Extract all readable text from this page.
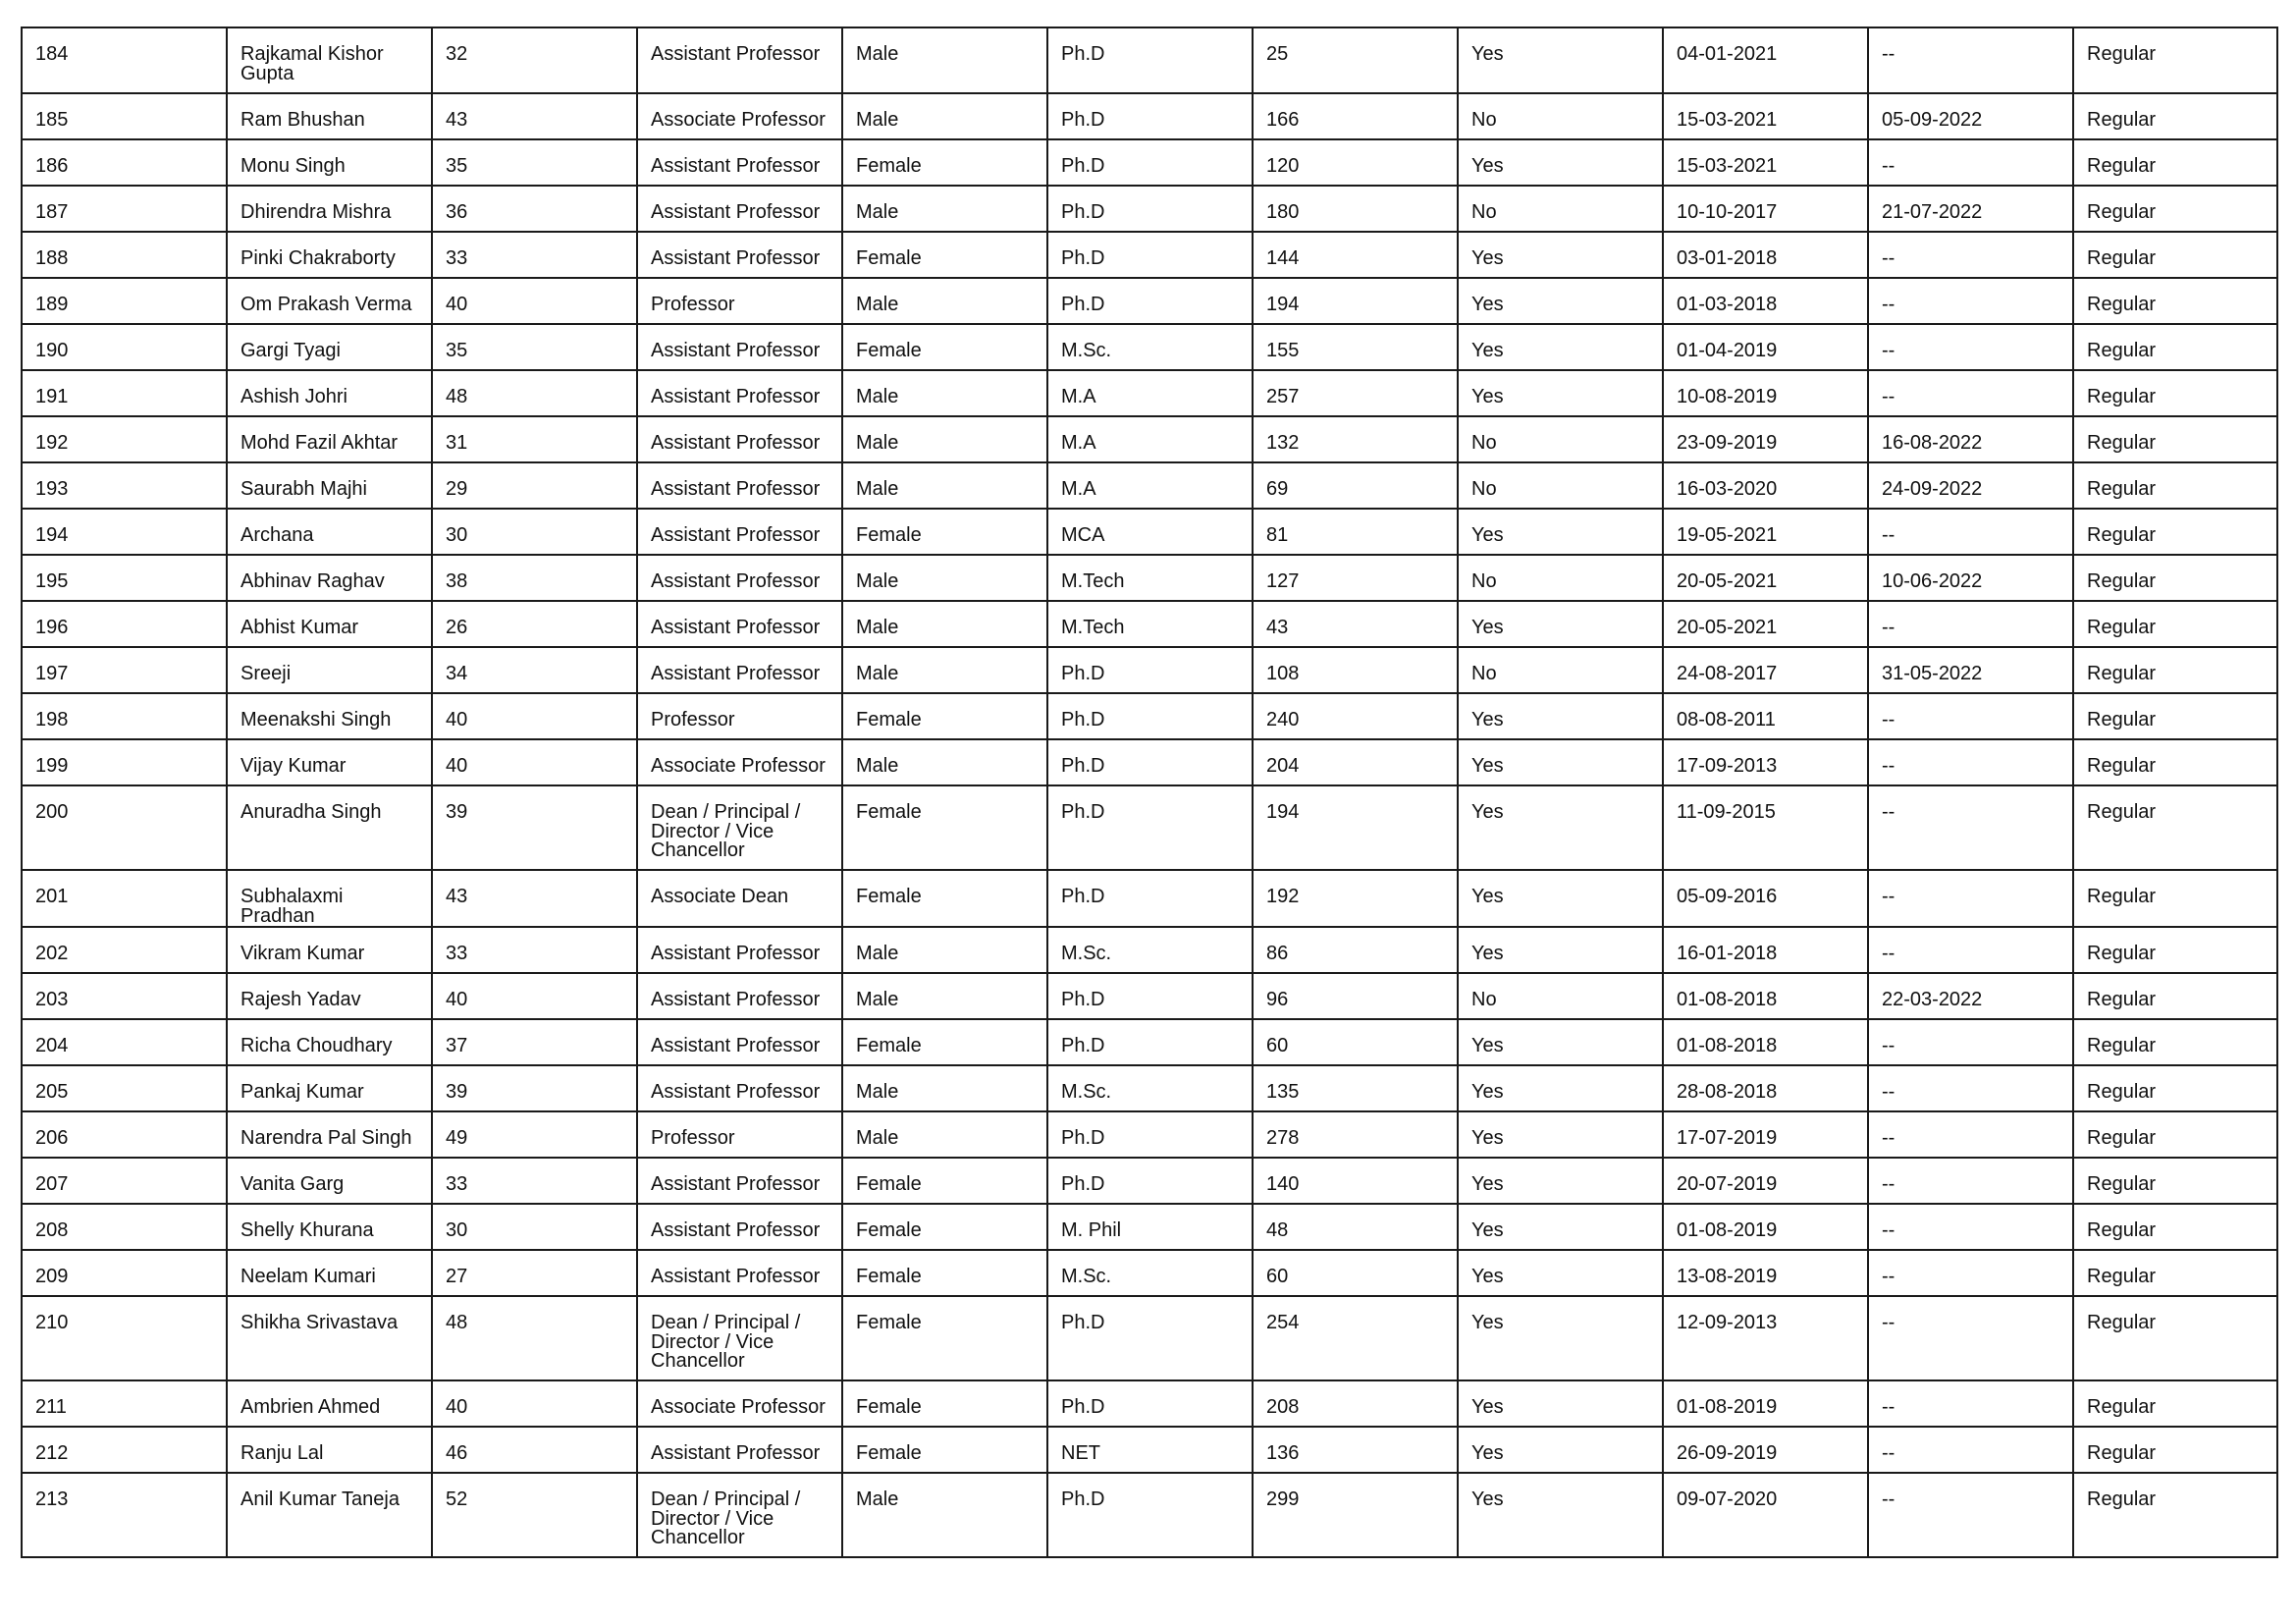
184	Rajkamal Kishor Gupta	32	Assistant Professor	Male	Ph.D	25	Yes	04-01-2021	--	Regular
185	Ram Bhushan	43	Associate Professor	Male	Ph.D	166	No	15-03-2021	05-09-2022	Regular
186	Monu Singh	35	Assistant Professor	Female	Ph.D	120	Yes	15-03-2021	--	Regular
187	Dhirendra Mishra	36	Assistant Professor	Male	Ph.D	180	No	10-10-2017	21-07-2022	Regular
188	Pinki Chakraborty	33	Assistant Professor	Female	Ph.D	144	Yes	03-01-2018	--	Regular
189	Om Prakash Verma	40	Professor	Male	Ph.D	194	Yes	01-03-2018	--	Regular
190	Gargi Tyagi	35	Assistant Professor	Female	M.Sc.	155	Yes	01-04-2019	--	Regular
191	Ashish Johri	48	Assistant Professor	Male	M.A	257	Yes	10-08-2019	--	Regular
192	Mohd Fazil Akhtar	31	Assistant Professor	Male	M.A	132	No	23-09-2019	16-08-2022	Regular
193	Saurabh Majhi	29	Assistant Professor	Male	M.A	69	No	16-03-2020	24-09-2022	Regular
194	Archana	30	Assistant Professor	Female	MCA	81	Yes	19-05-2021	--	Regular
195	Abhinav Raghav	38	Assistant Professor	Male	M.Tech	127	No	20-05-2021	10-06-2022	Regular
196	Abhist Kumar	26	Assistant Professor	Male	M.Tech	43	Yes	20-05-2021	--	Regular
197	Sreeji	34	Assistant Professor	Male	Ph.D	108	No	24-08-2017	31-05-2022	Regular
198	Meenakshi Singh	40	Professor	Female	Ph.D	240	Yes	08-08-2011	--	Regular
199	Vijay Kumar	40	Associate Professor	Male	Ph.D	204	Yes	17-09-2013	--	Regular
200	Anuradha Singh	39	Dean / Principal / Director / Vice Chancellor	Female	Ph.D	194	Yes	11-09-2015	--	Regular
201	Subhalaxmi Pradhan	43	Associate Dean	Female	Ph.D	192	Yes	05-09-2016	--	Regular
202	Vikram Kumar	33	Assistant Professor	Male	M.Sc.	86	Yes	16-01-2018	--	Regular
203	Rajesh Yadav	40	Assistant Professor	Male	Ph.D	96	No	01-08-2018	22-03-2022	Regular
204	Richa Choudhary	37	Assistant Professor	Female	Ph.D	60	Yes	01-08-2018	--	Regular
205	Pankaj Kumar	39	Assistant Professor	Male	M.Sc.	135	Yes	28-08-2018	--	Regular
206	Narendra Pal Singh	49	Professor	Male	Ph.D	278	Yes	17-07-2019	--	Regular
207	Vanita Garg	33	Assistant Professor	Female	Ph.D	140	Yes	20-07-2019	--	Regular
208	Shelly Khurana	30	Assistant Professor	Female	M. Phil	48	Yes	01-08-2019	--	Regular
209	Neelam Kumari	27	Assistant Professor	Female	M.Sc.	60	Yes	13-08-2019	--	Regular
210	Shikha Srivastava	48	Dean / Principal / Director / Vice Chancellor	Female	Ph.D	254	Yes	12-09-2013	--	Regular
211	Ambrien Ahmed	40	Associate Professor	Female	Ph.D	208	Yes	01-08-2019	--	Regular
212	Ranju Lal	46	Assistant Professor	Female	NET	136	Yes	26-09-2019	--	Regular
213	Anil Kumar Taneja	52	Dean / Principal / Director / Vice Chancellor	Male	Ph.D	299	Yes	09-07-2020	--	Regular
